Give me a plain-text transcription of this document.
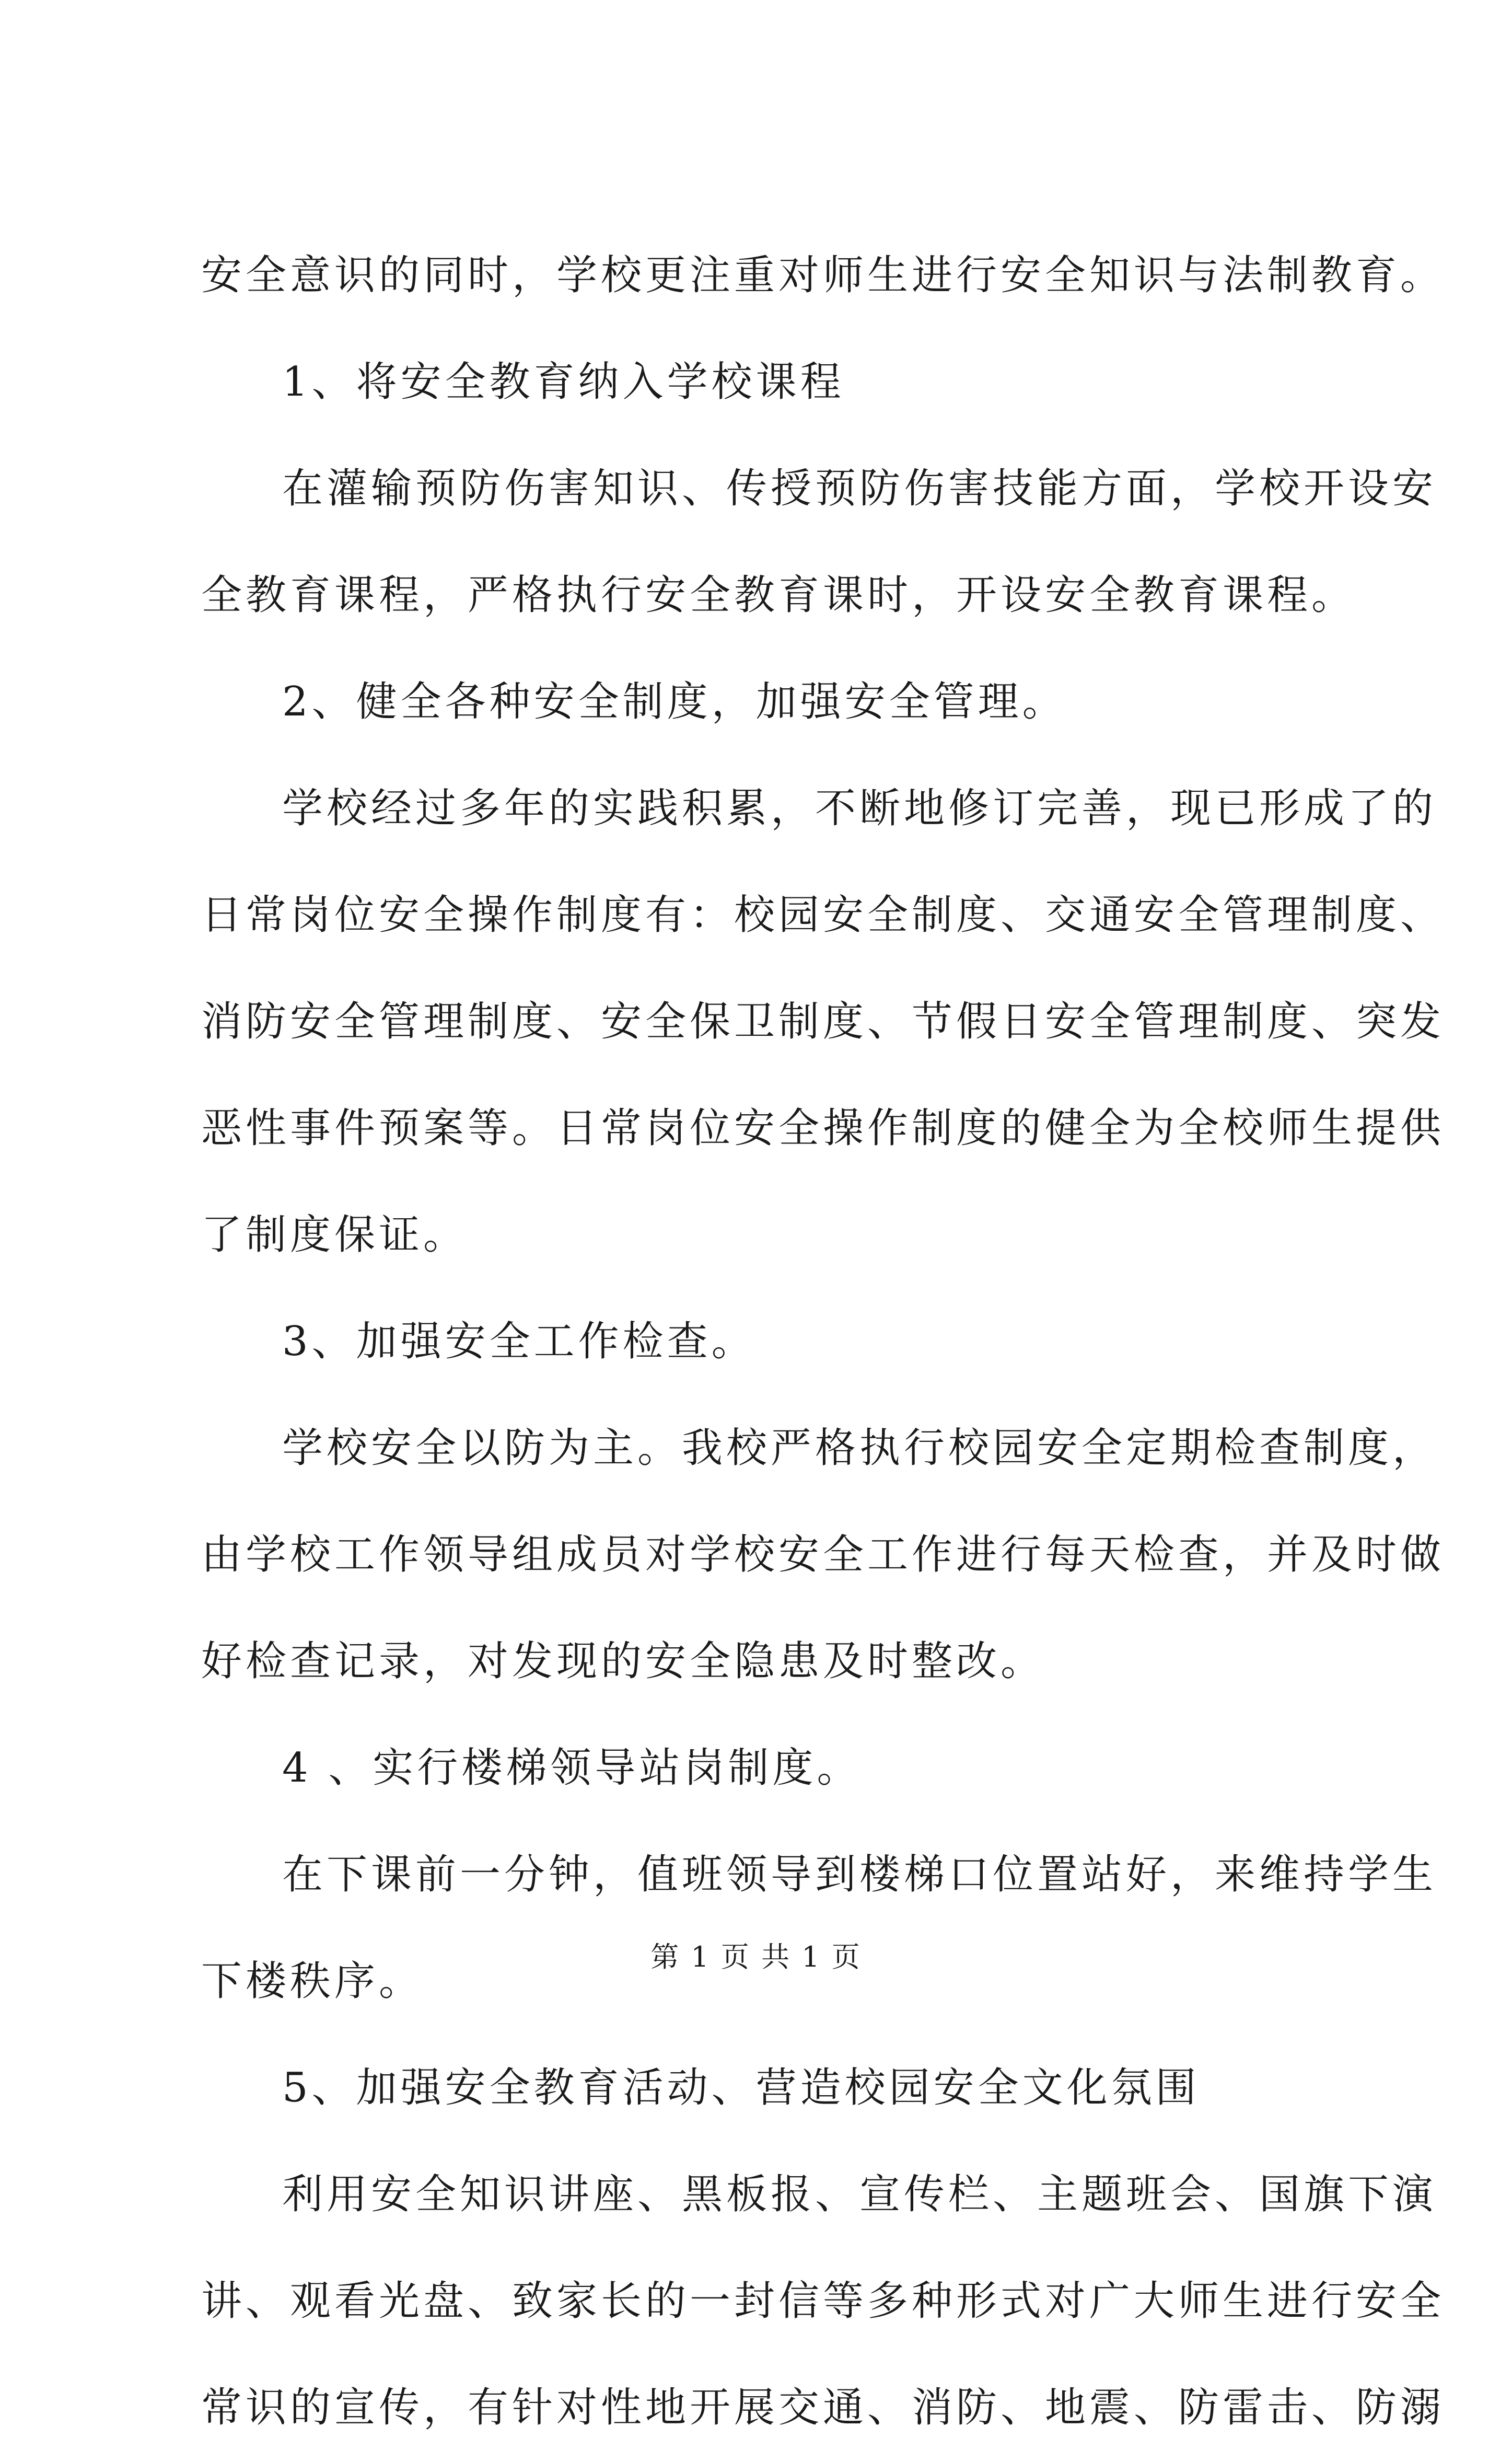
安全意识的同时，学校更注重对师生进行安全知识与法制教育。
1、将安全教育纳入学校课程
在灌输预防伤害知识、传授预防伤害技能方面，学校开设安
全教育课程，严格执行安全教育课时，开设安全教育课程。
2、健全各种安全制度，加强安全管理。
学校经过多年的实践积累，不断地修订完善，现已形成了的
日常岗位安全操作制度有：校园安全制度、交通安全管理制度、
消防安全管理制度、安全保卫制度、节假日安全管理制度、突发
恶性事件预案等。日常岗位安全操作制度的健全为全校师生提供
了制度保证。
3、加强安全工作检查。
学校安全以防为主。我校严格执行校园安全定期检查制度，
由学校工作领导组成员对学校安全工作进行每天检查，并及时做
好检查记录，对发现的安全隐患及时整改。
4 、实行楼梯领导站岗制度。
在下课前一分钟，值班领导到楼梯口位置站好，来维持学生
下楼秩序。
5、加强安全教育活动、营造校园安全文化氛围
利用安全知识讲座、黑板报、宣传栏、主题班会、国旗下演
讲、观看光盘、致家长的一封信等多种形式对广大师生进行安全
常识的宣传，有针对性地开展交通、消防、地震、防雷击、防溺
第 1 页 共 1 页
